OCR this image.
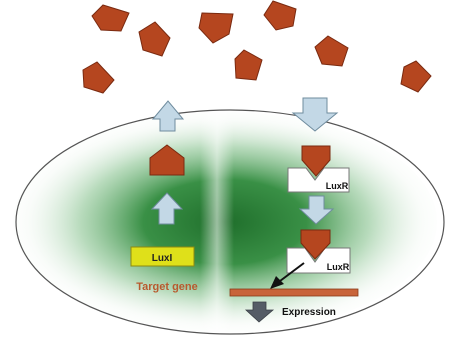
LuxI
Target gene
LuxR
LuxR
Expression
